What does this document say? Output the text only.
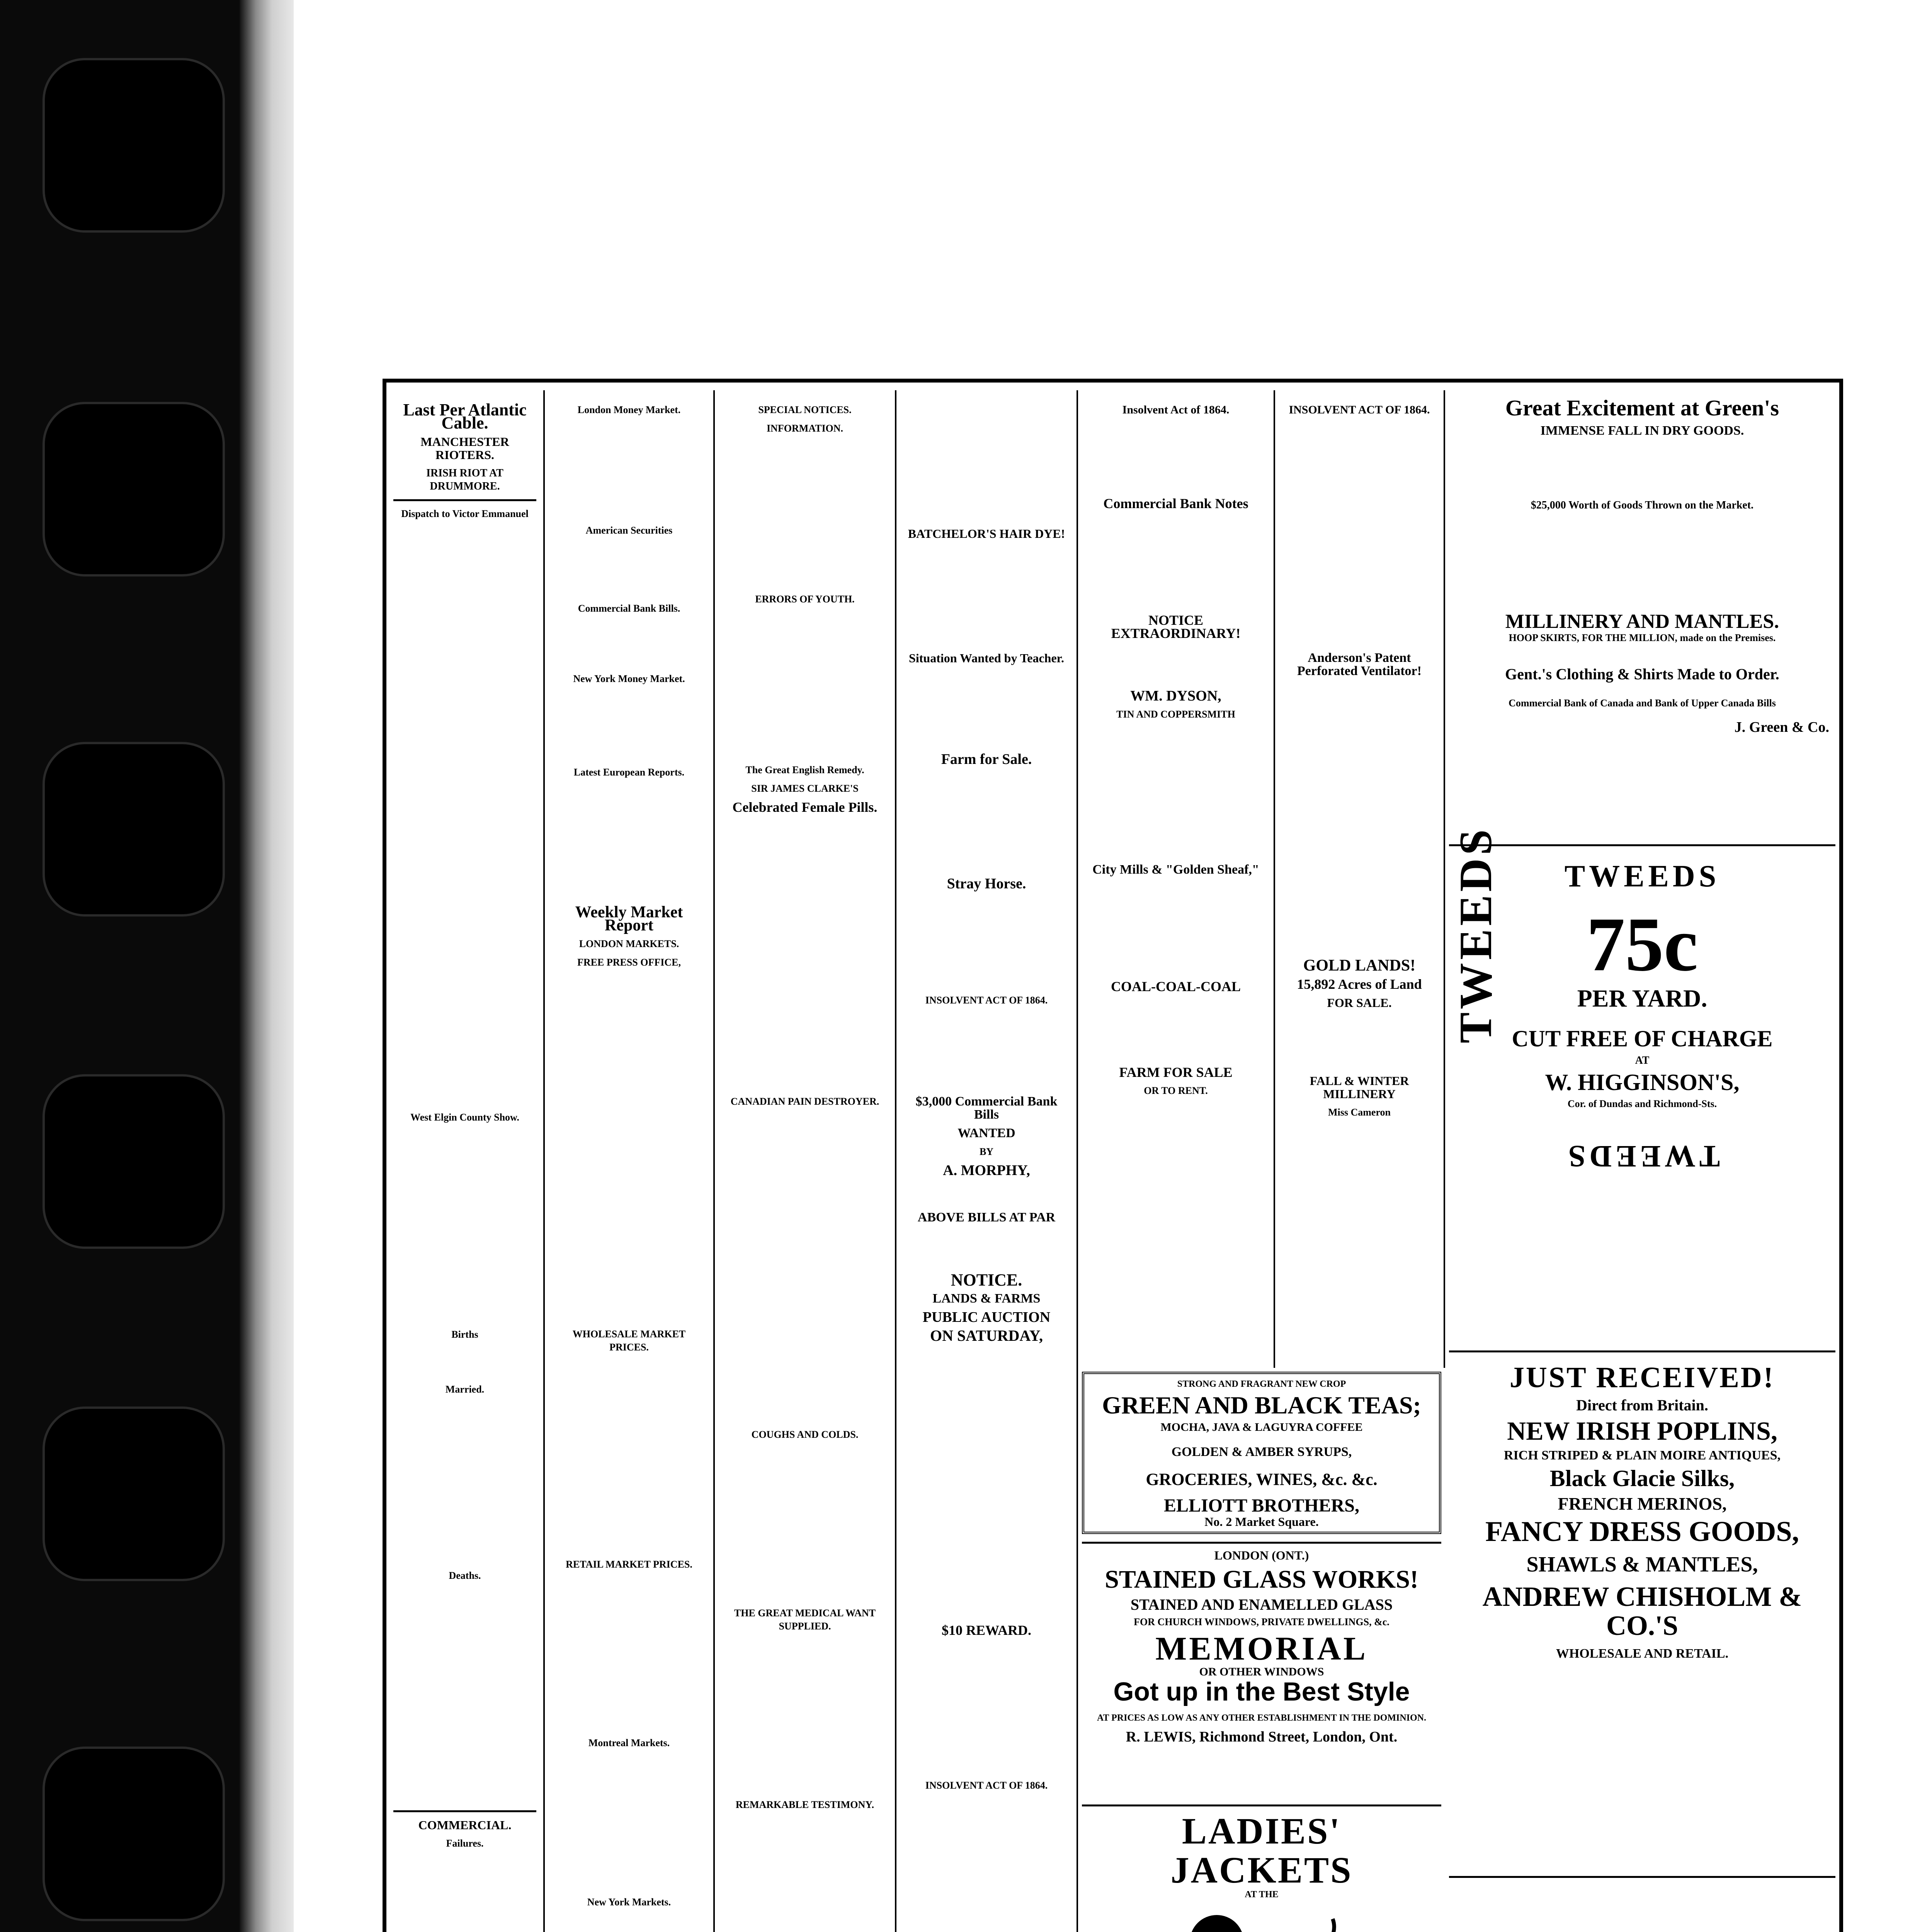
Last Per Atlantic Cable.
MANCHESTER RIOTERS.
IRISH RIOT AT DRUMMORE.
Dispatch to Victor Emmanuel
West Elgin County Show.
Births
Married.
Deaths.
COMMERCIAL.
Failures.
London Money Market.
American Securities
Commercial Bank Bills.
New York Money Market.
Latest European Reports.
Weekly Market Report
LONDON MARKETS.
FREE PRESS OFFICE,
WHOLESALE MARKET PRICES.
RETAIL MARKET PRICES.
Montreal Markets.
New York Markets.
SPECIAL NOTICES.
INFORMATION.
ERRORS OF YOUTH.
The Great English Remedy.
SIR JAMES CLARKE'S
Celebrated Female Pills.
CANADIAN PAIN DESTROYER.
COUGHS AND COLDS.
THE GREAT MEDICAL WANT SUPPLIED.
REMARKABLE TESTIMONY.
BATCHELOR'S HAIR DYE!
Situation Wanted by Teacher.
Farm for Sale.
Stray Horse.
INSOLVENT ACT OF 1864.
$3,000 Commercial Bank Bills
WANTED
BY
A. MORPHY,
ABOVE BILLS AT PAR
NOTICE.
LANDS & FARMS
PUBLIC AUCTION
ON SATURDAY,
$10 REWARD.
INSOLVENT ACT OF 1864.
Insolvent Act of 1864.
Commercial Bank Notes
NOTICE EXTRAORDINARY!
WM. DYSON,
TIN AND COPPERSMITH
City Mills & "Golden Sheaf,"
COAL-COAL-COAL
FARM FOR SALE
OR TO RENT.
INSOLVENT ACT OF 1864.
Anderson's Patent Perforated Ventilator!
GOLD LANDS!
15,892 Acres of Land
FOR SALE.
FALL & WINTER MILLINERY
Miss Cameron
STRONG AND FRAGRANT NEW CROP
GREEN AND BLACK TEAS;
MOCHA, JAVA & LAGUYRA COFFEE
GOLDEN & AMBER SYRUPS,
GROCERIES, WINES, &c. &c.
ELLIOTT BROTHERS,
No. 2 Market Square.
LONDON (ONT.)
STAINED GLASS WORKS!
STAINED AND ENAMELLED GLASS
FOR CHURCH WINDOWS, PRIVATE DWELLINGS, &c.
MEMORIAL
OR OTHER WINDOWS
Got up in the Best Style
AT PRICES AS LOW AS ANY OTHER ESTABLISHMENT IN THE DOMINION.
R. LEWIS, Richmond Street, London, Ont.
LADIES' JACKETS
AT THE
Great Excitement at Green's
IMMENSE FALL IN DRY GOODS.
$25,000 Worth of Goods Thrown on the Market.
MILLINERY AND MANTLES.
HOOP SKIRTS, FOR THE MILLION, made on the Premises.
Gent.'s Clothing & Shirts Made to Order.
Commercial Bank of Canada and Bank of Upper Canada Bills
J. Green & Co.
TWEEDS
75c
PER YARD.
CUT FREE OF CHARGE
AT
W. HIGGINSON'S,
Cor. of Dundas and Richmond-Sts.
TWEEDS
TWEEDS
JUST RECEIVED!
Direct from Britain.
NEW IRISH POPLINS,
RICH STRIPED & PLAIN MOIRE ANTIQUES,
Black Glacie Silks,
FRENCH MERINOS,
FANCY DRESS GOODS,
SHAWLS & MANTLES,
ANDREW CHISHOLM & CO.'S
WHOLESALE AND RETAIL.
